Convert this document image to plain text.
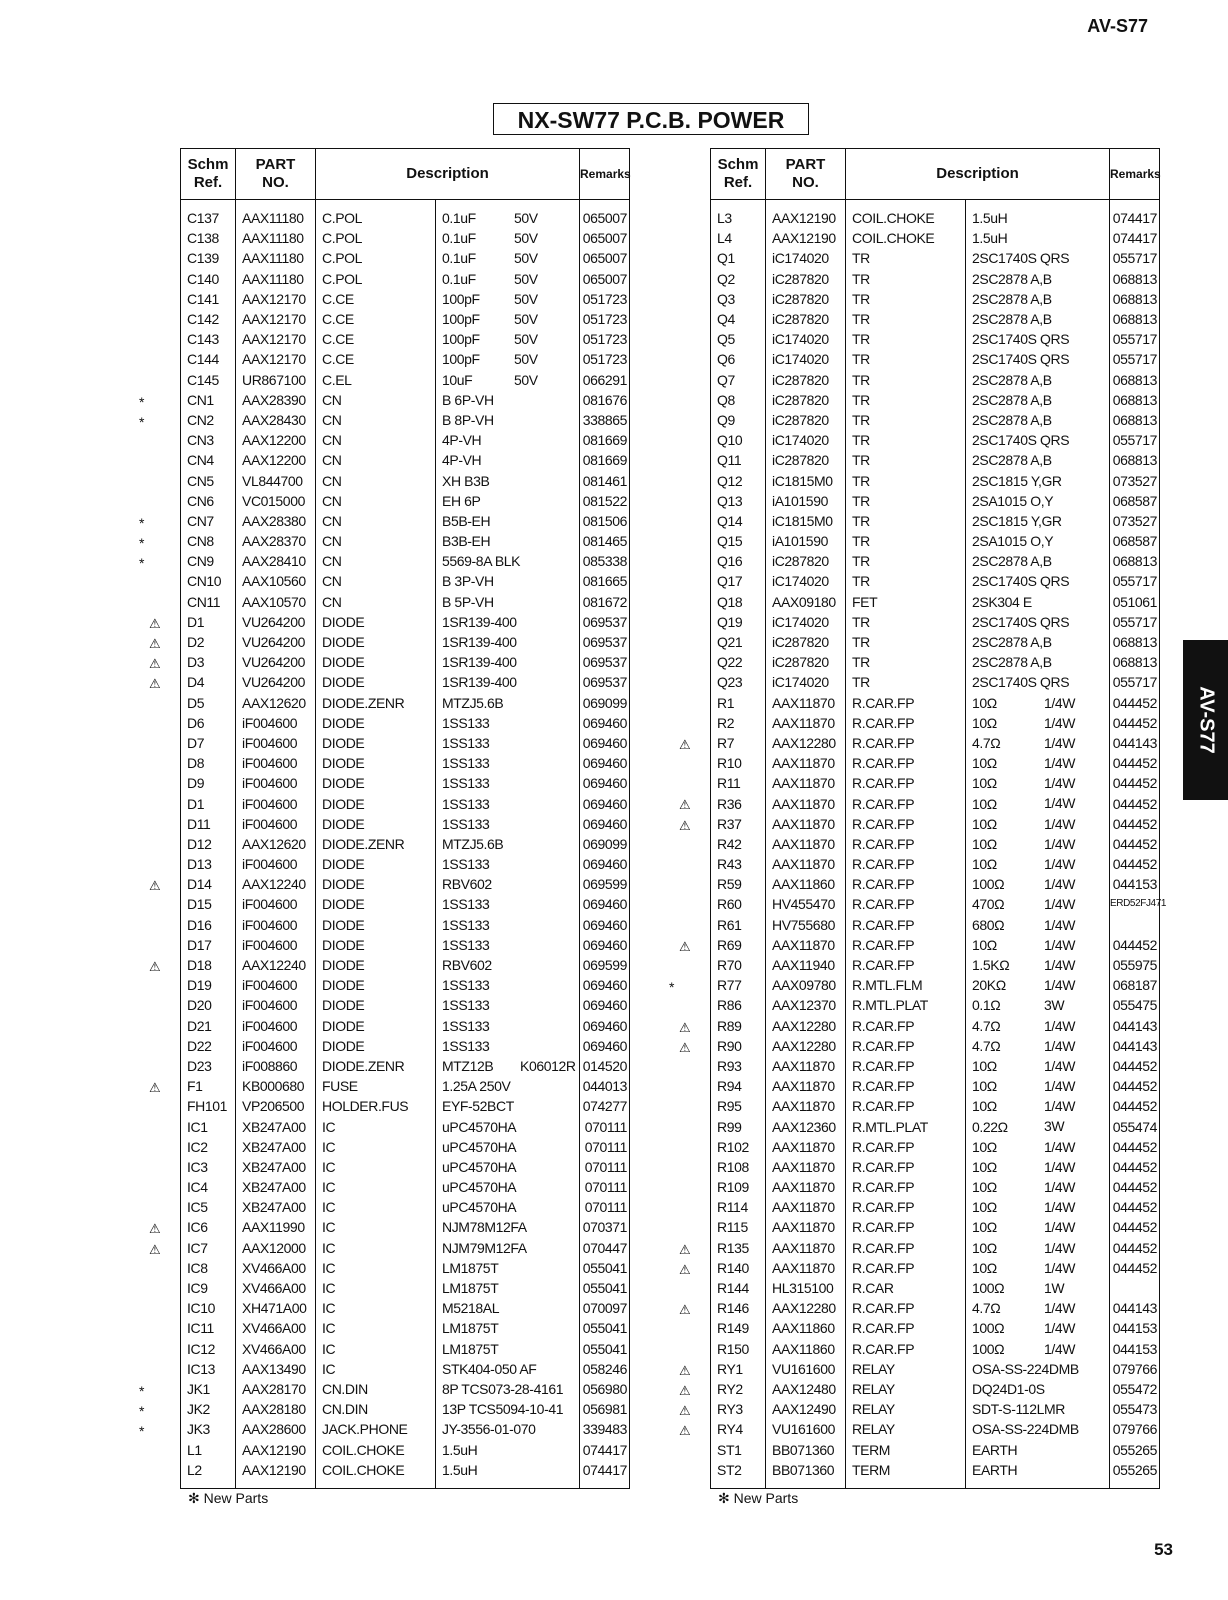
AV-S77
NX-SW77 P.C.B. POWER
AV-S77
Schm
Ref.	PART
NO.	Description		Remarks
C137	AAX11180	C.POL	0.1uF 50V	065007
C138	AAX11180	C.POL	0.1uF 50V	065007
C139	AAX11180	C.POL	0.1uF 50V	065007
C140	AAX11180	C.POL	0.1uF 50V	065007
C141	AAX12170	C.CE	100pF 50V	051723
C142	AAX12170	C.CE	100pF 50V	051723
C143	AAX12170	C.CE	100pF 50V	051723
C144	AAX12170	C.CE	100pF 50V	051723
C145	UR867100	C.EL	10uF 50V	066291

* CN1	AAX28390	CN	B 6P-VH	081676

* CN2	AAX28430	CN	B 8P-VH	338865
CN3	AAX12200	CN	4P-VH	081669
CN4	AAX12200	CN	4P-VH	081669
CN5	VL844700	CN	XH B3B	081461
CN6	VC015000	CN	EH 6P	081522

* CN7	AAX28380	CN	B5B-EH	081506

* CN8	AAX28370	CN	B3B-EH	081465

* CN9	AAX28410	CN	5569-8A BLK	085338
CN10	AAX10560	CN	B 3P-VH	081665
CN11	AAX10570	CN	B 5P-VH	081672

⚠ D1	VU264200	DIODE	1SR139-400	069537

⚠ D2	VU264200	DIODE	1SR139-400	069537

⚠ D3	VU264200	DIODE	1SR139-400	069537

⚠ D4	VU264200	DIODE	1SR139-400	069537
D5	AAX12620	DIODE.ZENR	MTZJ5.6B	069099
D6	iF004600	DIODE	1SS133	069460
D7	iF004600	DIODE	1SS133	069460
D8	iF004600	DIODE	1SS133	069460
D9	iF004600	DIODE	1SS133	069460
D1	iF004600	DIODE	1SS133	069460
D11	iF004600	DIODE	1SS133	069460
D12	AAX12620	DIODE.ZENR	MTZJ5.6B	069099
D13	iF004600	DIODE	1SS133	069460

⚠ D14	AAX12240	DIODE	RBV602	069599
D15	iF004600	DIODE	1SS133	069460
D16	iF004600	DIODE	1SS133	069460
D17	iF004600	DIODE	1SS133	069460

⚠ D18	AAX12240	DIODE	RBV602	069599
D19	iF004600	DIODE	1SS133	069460
D20	iF004600	DIODE	1SS133	069460
D21	iF004600	DIODE	1SS133	069460
D22	iF004600	DIODE	1SS133	069460
D23	iF008860	DIODE.ZENR	MTZ12B K06012R	014520

⚠ F1	KB000680	FUSE	1.25A 250V	044013
FH101	VP206500	HOLDER.FUS	EYF-52BCT	074277
IC1	XB247A00	IC	uPC4570HA	070111
IC2	XB247A00	IC	uPC4570HA	070111
IC3	XB247A00	IC	uPC4570HA	070111
IC4	XB247A00	IC	uPC4570HA	070111
IC5	XB247A00	IC	uPC4570HA	070111

⚠ IC6	AAX11990	IC	NJM78M12FA	070371

⚠ IC7	AAX12000	IC	NJM79M12FA	070447
IC8	XV466A00	IC	LM1875T	055041
IC9	XV466A00	IC	LM1875T	055041
IC10	XH471A00	IC	M5218AL	070097
IC11	XV466A00	IC	LM1875T	055041
IC12	XV466A00	IC	LM1875T	055041
IC13	AAX13490	IC	STK404-050 AF	058246

* JK1	AAX28170	CN.DIN	8P TCS073-28-4161	056980

* JK2	AAX28180	CN.DIN	13P TCS5094-10-41	056981

* JK3	AAX28600	JACK.PHONE	JY-3556-01-070	339483
L1	AAX12190	COIL.CHOKE	1.5uH	074417
L2	AAX12190	COIL.CHOKE	1.5uH	074417
Schm
Ref.	PART
NO.	Description		Remarks
L3	AAX12190	COIL.CHOKE	1.5uH	074417
L4	AAX12190	COIL.CHOKE	1.5uH	074417
Q1	iC174020	TR	2SC1740S QRS	055717
Q2	iC287820	TR	2SC2878 A,B	068813
Q3	iC287820	TR	2SC2878 A,B	068813
Q4	iC287820	TR	2SC2878 A,B	068813
Q5	iC174020	TR	2SC1740S QRS	055717
Q6	iC174020	TR	2SC1740S QRS	055717
Q7	iC287820	TR	2SC2878 A,B	068813
Q8	iC287820	TR	2SC2878 A,B	068813
Q9	iC287820	TR	2SC2878 A,B	068813
Q10	iC174020	TR	2SC1740S QRS	055717
Q11	iC287820	TR	2SC2878 A,B	068813
Q12	iC1815M0	TR	2SC1815 Y,GR	073527
Q13	iA101590	TR	2SA1015 O,Y	068587
Q14	iC1815M0	TR	2SC1815 Y,GR	073527
Q15	iA101590	TR	2SA1015 O,Y	068587
Q16	iC287820	TR	2SC2878 A,B	068813
Q17	iC174020	TR	2SC1740S QRS	055717
Q18	AAX09180	FET	2SK304 E	051061
Q19	iC174020	TR	2SC1740S QRS	055717
Q21	iC287820	TR	2SC2878 A,B	068813
Q22	iC287820	TR	2SC2878 A,B	068813
Q23	iC174020	TR	2SC1740S QRS	055717
R1	AAX11870	R.CAR.FP	10Ω 1/4W	044452
R2	AAX11870	R.CAR.FP	10Ω 1/4W	044452

⚠ R7	AAX12280	R.CAR.FP	4.7Ω 1/4W	044143
R10	AAX11870	R.CAR.FP	10Ω 1/4W	044452
R11	AAX11870	R.CAR.FP	10Ω 1/4W	044452

⚠ R36	AAX11870	R.CAR.FP	10Ω 1/4W	044452

⚠ R37	AAX11870	R.CAR.FP	10Ω 1/4W	044452
R42	AAX11870	R.CAR.FP	10Ω 1/4W	044452
R43	AAX11870	R.CAR.FP	10Ω 1/4W	044452
R59	AAX11860	R.CAR.FP	100Ω 1/4W	044153
R60	HV455470	R.CAR.FP	470Ω 1/4W	ERD52FJ471
R61	HV755680	R.CAR.FP	680Ω 1/4W	

⚠ R69	AAX11870	R.CAR.FP	10Ω 1/4W	044452
R70	AAX11940	R.CAR.FP	1.5KΩ 1/4W	055975

* R77	AAX09780	R.MTL.FLM	20KΩ 1/4W	068187
R86	AAX12370	R.MTL.PLAT	0.1Ω 3W	055475

⚠ R89	AAX12280	R.CAR.FP	4.7Ω 1/4W	044143

⚠ R90	AAX12280	R.CAR.FP	4.7Ω 1/4W	044143
R93	AAX11870	R.CAR.FP	10Ω 1/4W	044452
R94	AAX11870	R.CAR.FP	10Ω 1/4W	044452
R95	AAX11870	R.CAR.FP	10Ω 1/4W	044452
R99	AAX12360	R.MTL.PLAT	0.22Ω 3W	055474
R102	AAX11870	R.CAR.FP	10Ω 1/4W	044452
R108	AAX11870	R.CAR.FP	10Ω 1/4W	044452
R109	AAX11870	R.CAR.FP	10Ω 1/4W	044452
R114	AAX11870	R.CAR.FP	10Ω 1/4W	044452
R115	AAX11870	R.CAR.FP	10Ω 1/4W	044452

⚠ R135	AAX11870	R.CAR.FP	10Ω 1/4W	044452

⚠ R140	AAX11870	R.CAR.FP	10Ω 1/4W	044452
R144	HL315100	R.CAR	100Ω 1W	

⚠ R146	AAX12280	R.CAR.FP	4.7Ω 1/4W	044143
R149	AAX11860	R.CAR.FP	100Ω 1/4W	044153
R150	AAX11860	R.CAR.FP	100Ω 1/4W	044153

⚠ RY1	VU161600	RELAY	OSA-SS-224DMB	079766

⚠ RY2	AAX12480	RELAY	DQ24D1-0S	055472

⚠ RY3	AAX12490	RELAY	SDT-S-112LMR	055473

⚠ RY4	VU161600	RELAY	OSA-SS-224DMB	079766
ST1	BB071360	TERM	EARTH	055265
ST2	BB071360	TERM	EARTH	055265
✻ New Parts	✻ New Parts
53
